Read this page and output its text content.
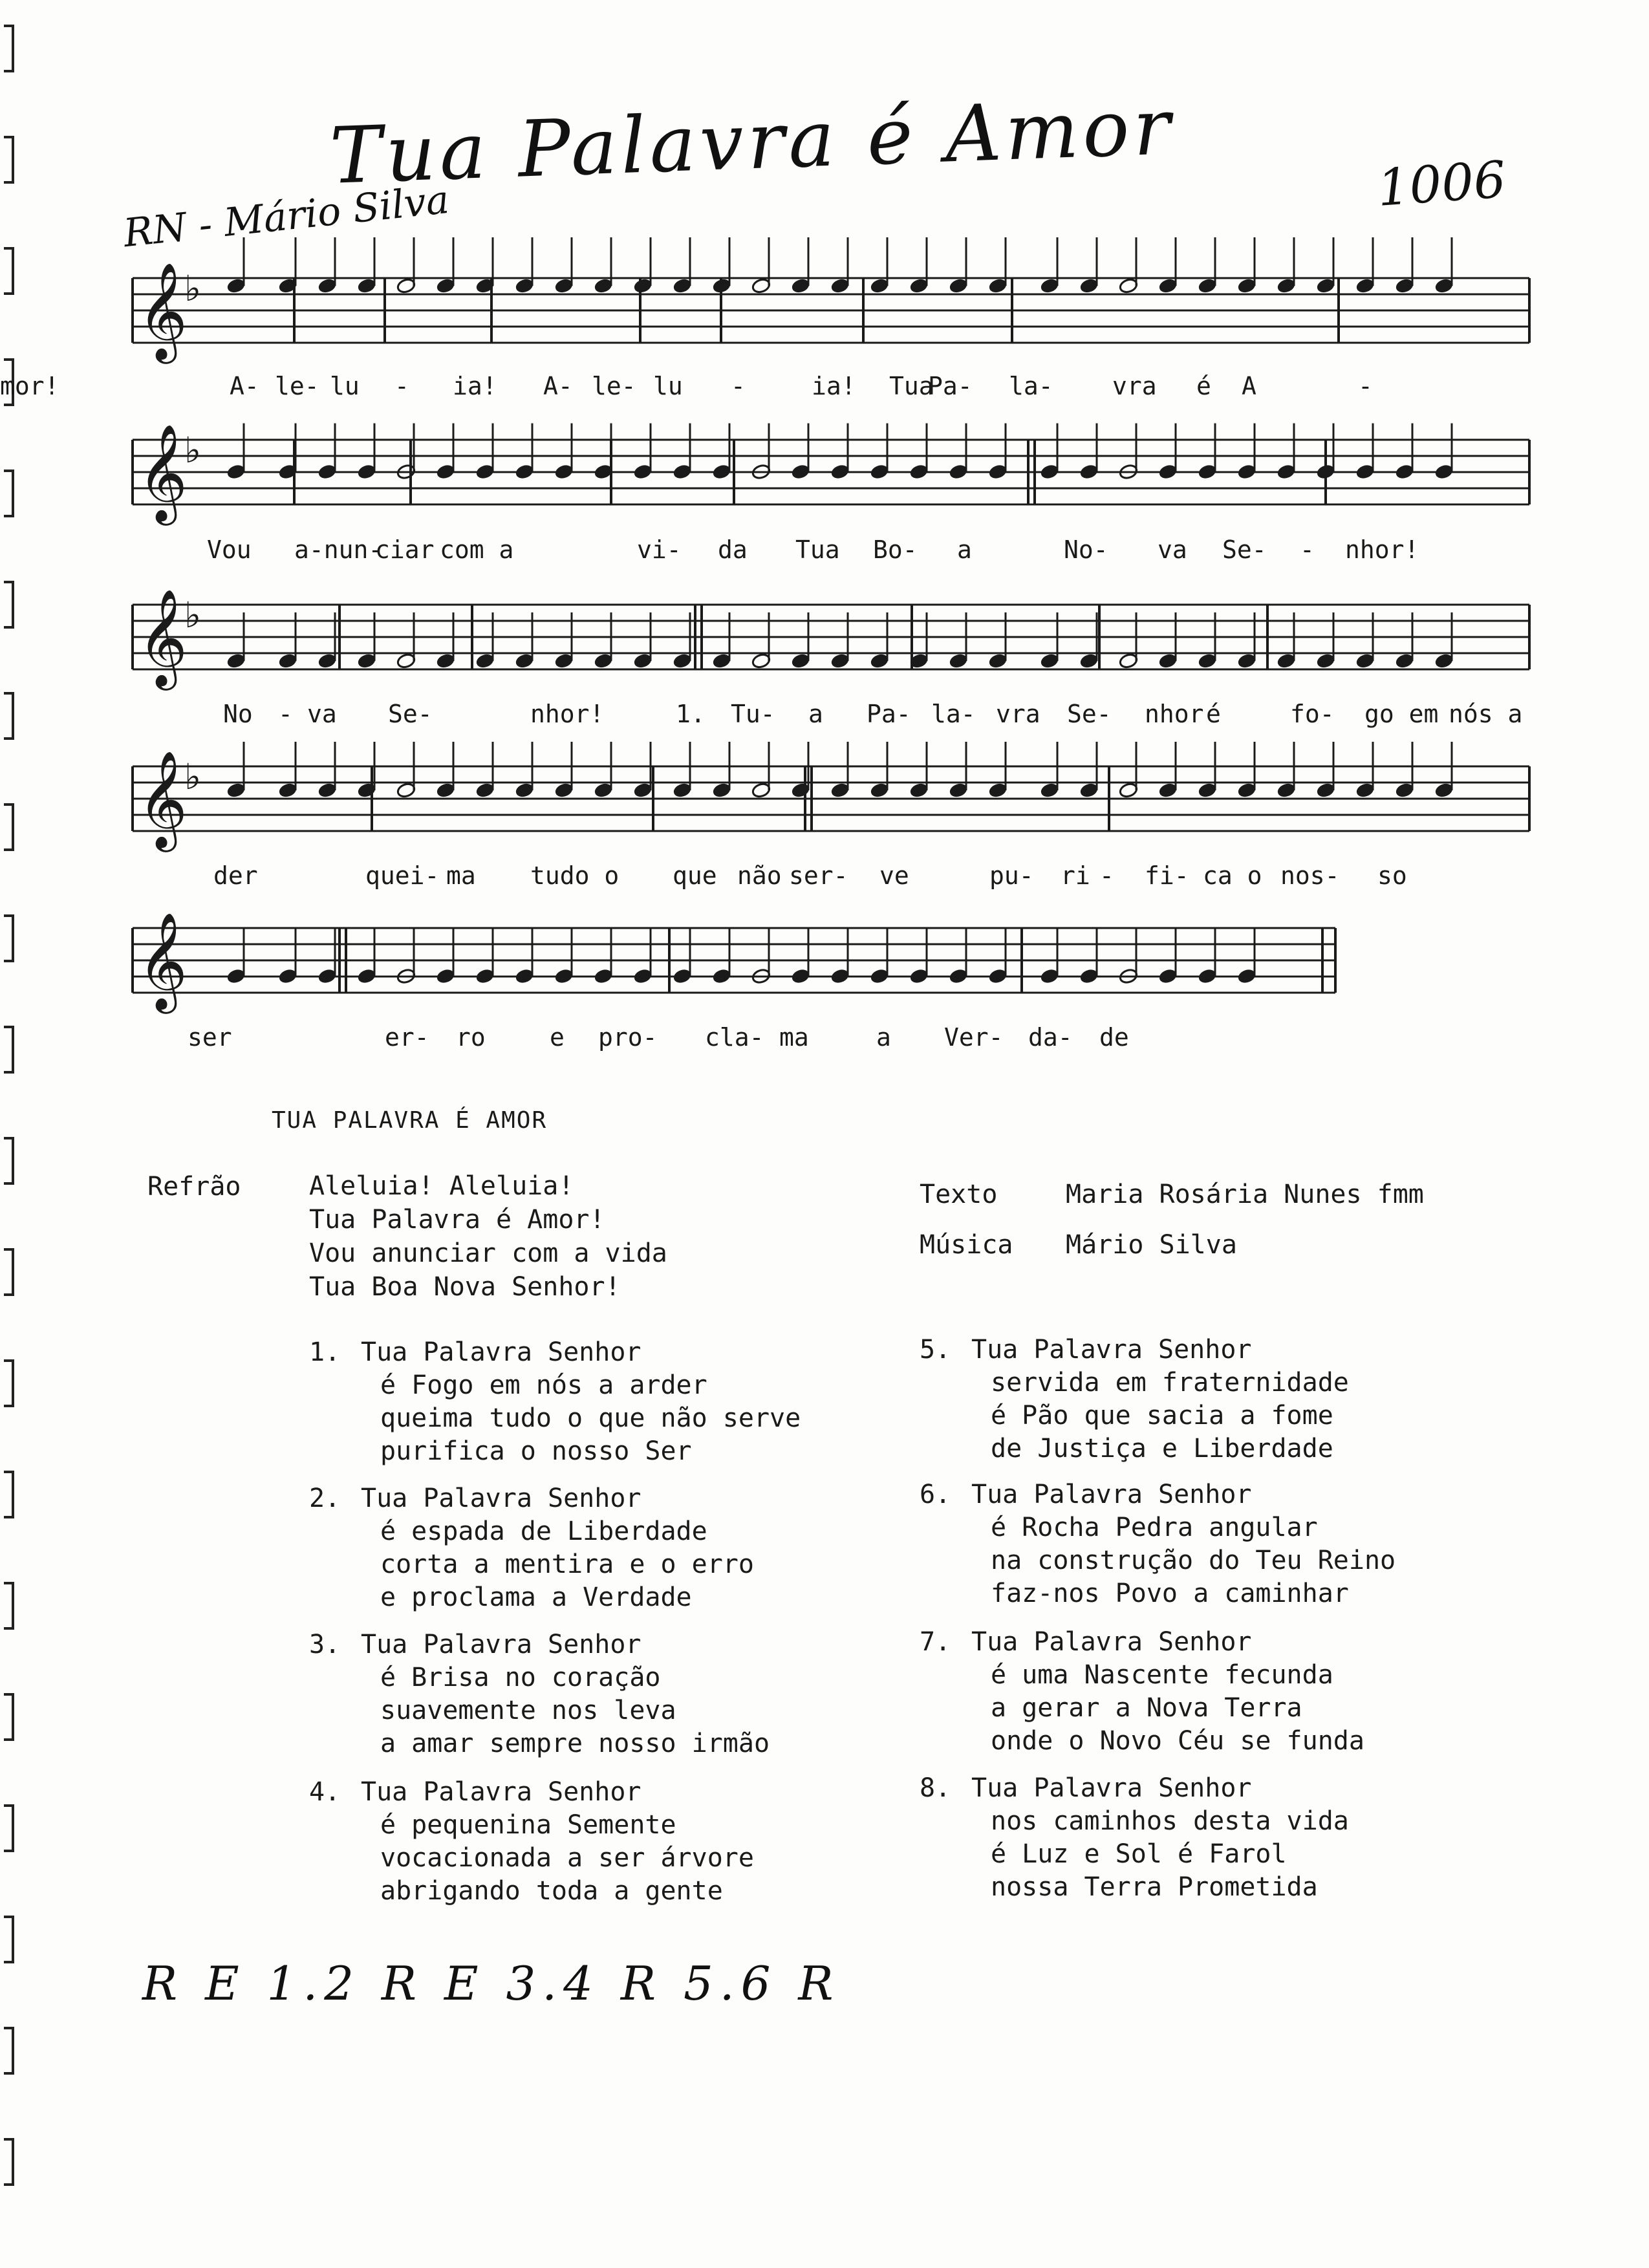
Tua Palavra é Amor	1006
RN - Mário Silva
𝄞
♭
𝄞
♭
𝄞
♭
𝄞
♭
𝄞
A- le- lu - ia! A- le- lu -	ia! Tua
Pa- la- vra é A	-
mor!
Vou a-nun-
ciar com a	vi- da Tua Bo- a	No- va Se- - nhor!
No - va Se-	nhor!	1. Tu- a Pa- la- vra Se- nhor é	fo- go em nós a
der	quei- ma tudo o que não ser- ve	pu- ri - fi- ca o nos- so
ser	er- ro	e pro- cla- ma	a Ver- da- de
TUA PALAVRA É AMOR
Refrão	Aleluia! Aleluia!
Tua Palavra é Amor!
Vou anunciar com a vida
Tua Boa Nova Senhor!
Texto	Maria Rosária Nunes fmm
Música	Mário Silva
1. Tua Palavra Senhor
é Fogo em nós a arder
queima tudo o que não serve
purifica o nosso Ser
2. Tua Palavra Senhor
é espada de Liberdade
corta a mentira e o erro
e proclama a Verdade
3. Tua Palavra Senhor
é Brisa no coração
suavemente nos leva
a amar sempre nosso irmão
4. Tua Palavra Senhor
é pequenina Semente
vocacionada a ser árvore
abrigando toda a gente
5. Tua Palavra Senhor
servida em fraternidade
é Pão que sacia a fome
de Justiça e Liberdade
6. Tua Palavra Senhor
é Rocha Pedra angular
na construção do Teu Reino
faz-nos Povo a caminhar
7. Tua Palavra Senhor
é uma Nascente fecunda
a gerar a Nova Terra
onde o Novo Céu se funda
8. Tua Palavra Senhor
nos caminhos desta vida
é Luz e Sol é Farol
nossa Terra Prometida
R E 1.2 R E 3.4 R 5.6 R
